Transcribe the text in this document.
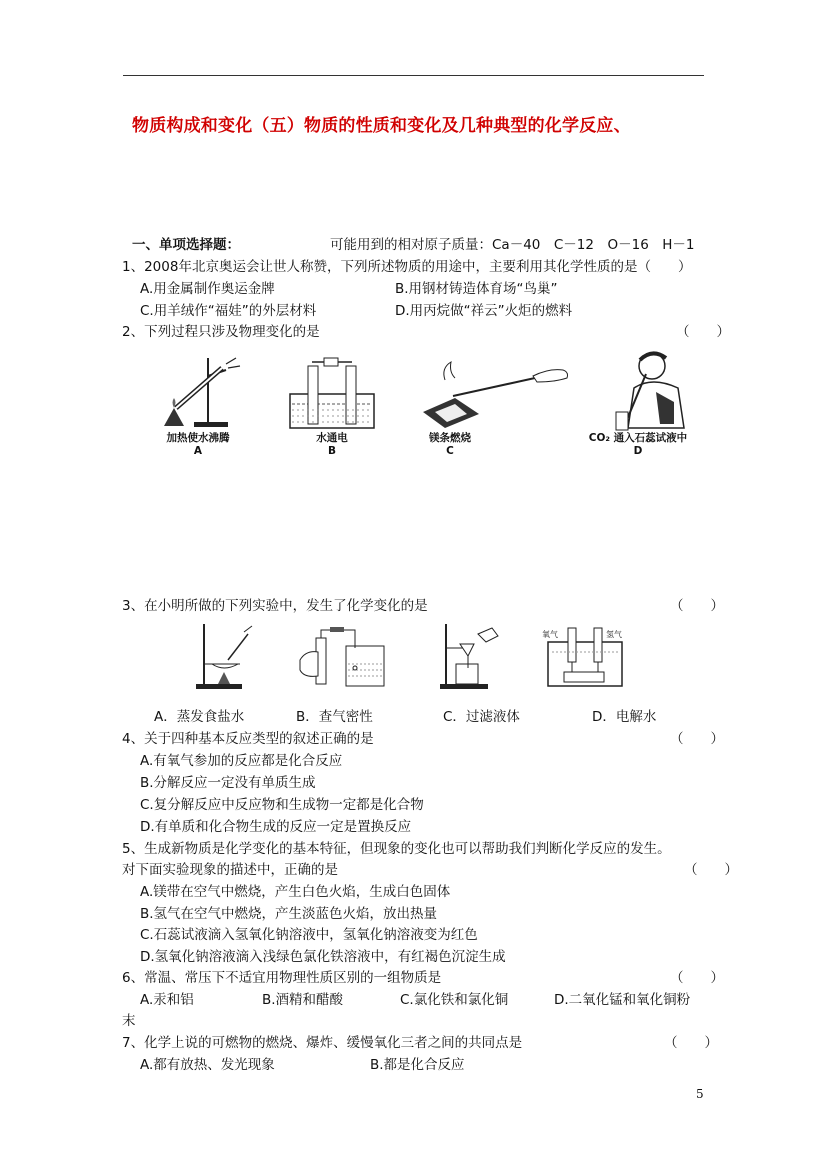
物质构成和变化（五）物质的性质和变化及几种典型的化学反应、
一、单项选择题：	可能用到的相对原子质量：Ca－40　C－12　O－16　H－1
1、2008年北京奥运会让世人称赞，下列所述物质的用途中，主要利用其化学性质的是（　　）
A.用金属制作奥运金牌	B.用钢材铸造体育场“鸟巢”
C.用羊绒作“福娃”的外层材料	D.用丙烷做“祥云”火炬的燃料
2、下列过程只涉及物理变化的是	（　　）
加热使水沸腾
A
水通电
B
镁条燃烧
C
CO₂ 通入石蕊试液中
D
3、在小明所做的下列实验中，发生了化学变化的是	（　　）
氧气	氢气
A．蒸发食盐水	B．查气密性	C．过滤液体	D．电解水
4、关于四种基本反应类型的叙述正确的是	（　　）
A.有氧气参加的反应都是化合反应
B.分解反应一定没有单质生成
C.复分解反应中反应物和生成物一定都是化合物
D.有单质和化合物生成的反应一定是置换反应
5、生成新物质是化学变化的基本特征，但现象的变化也可以帮助我们判断化学反应的发生。
对下面实验现象的描述中，正确的是	（　　）
A.镁带在空气中燃烧，产生白色火焰，生成白色固体
B.氢气在空气中燃烧，产生淡蓝色火焰，放出热量
C.石蕊试液滴入氢氧化钠溶液中，氢氧化钠溶液变为红色
D.氢氧化钠溶液滴入浅绿色氯化铁溶液中，有红褐色沉淀生成
6、常温、常压下不适宜用物理性质区别的一组物质是	（　　）
A.汞和铝	B.酒精和醋酸	C.氯化铁和氯化铜	D.二氧化锰和氧化铜粉
末
7、化学上说的可燃物的燃烧、爆炸、缓慢氧化三者之间的共同点是	（　　）
A.都有放热、发光现象	B.都是化合反应
5
